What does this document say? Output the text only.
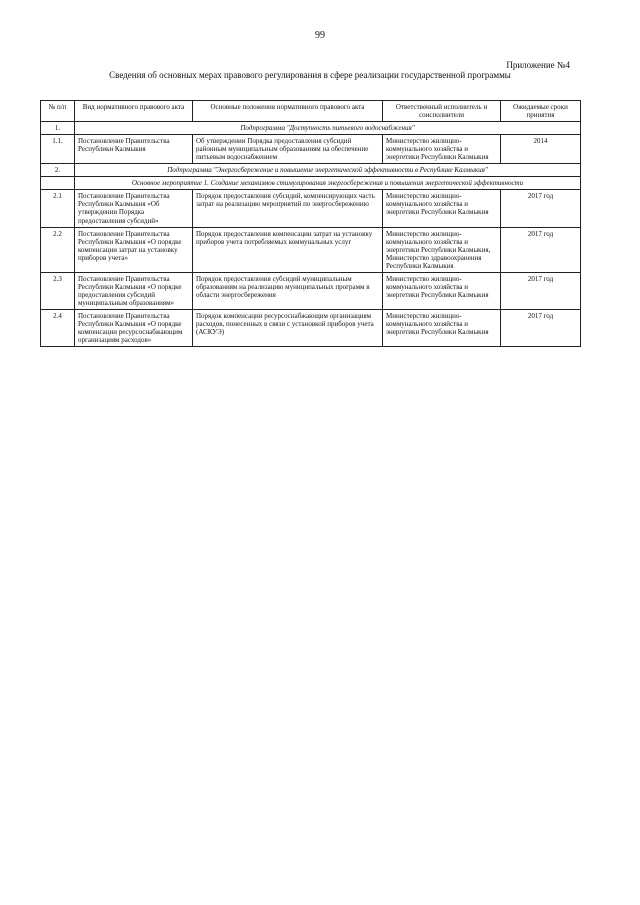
99
Приложение №4
Сведения об основных мерах правового регулирования в сфере реализации государственной программы
№ п/п	Вид нормативного правового акта	Основные положения нормативного правового акта	Ответственный исполнитель и соисполнители	Ожидаемые сроки принятия
1.	Подпрограмма "Доступность питьевого водоснабжения"			
1.1.	Постановление Правительства Республики Калмыкия	Об утверждении Порядка предоставления субсидий районным муниципальным образованиям на обеспечение питьевым водоснабжением	Министерство жилищно-коммунального хозяйства и энергетики Республики Калмыкия	2014
2.	Подпрограмма "Энергосбережение и повышение энергетической эффективности в Республике Калмыкия"			
	Основное мероприятие 1. Создание механизмов стимулирования энергосбережения и повышения энергетической эффективности			
2.1	Постановление Правительства Республики Калмыкия «Об утверждении Порядка предоставления субсидий»	Порядок предоставления субсидий, компенсирующих часть затрат на реализацию мероприятий по энергосбережению	Министерство жилищно-коммунального хозяйства и энергетики Республики Калмыкия	2017 год
2.2	Постановление Правительства Республики Калмыкия «О порядке компенсации затрат на установку приборов учета»	Порядок предоставления компенсации затрат на установку приборов учета потребляемых коммунальных услуг	Министерство жилищно-коммунального хозяйства и энергетики Республики Калмыкия, Министерство здравоохранения Республики Калмыкия	2017 год
2.3	Постановление Правительства Республики Калмыкия «О порядке предоставления субсидий муниципальным образованиям»	Порядок предоставления субсидий муниципальным образованиям на реализацию муниципальных программ в области энергосбережения	Министерство жилищно-коммунального хозяйства и энергетики Республики Калмыкия	2017 год
2.4	Постановление Правительства Республики Калмыкия «О порядке компенсации ресурсоснабжающим организациям расходов»	Порядок компенсации ресурсоснабжающим организациям расходов, понесенных в связи с установкой приборов учета (АСКУЭ)	Министерство жилищно-коммунального хозяйства и энергетики Республики Калмыкия	2017 год
